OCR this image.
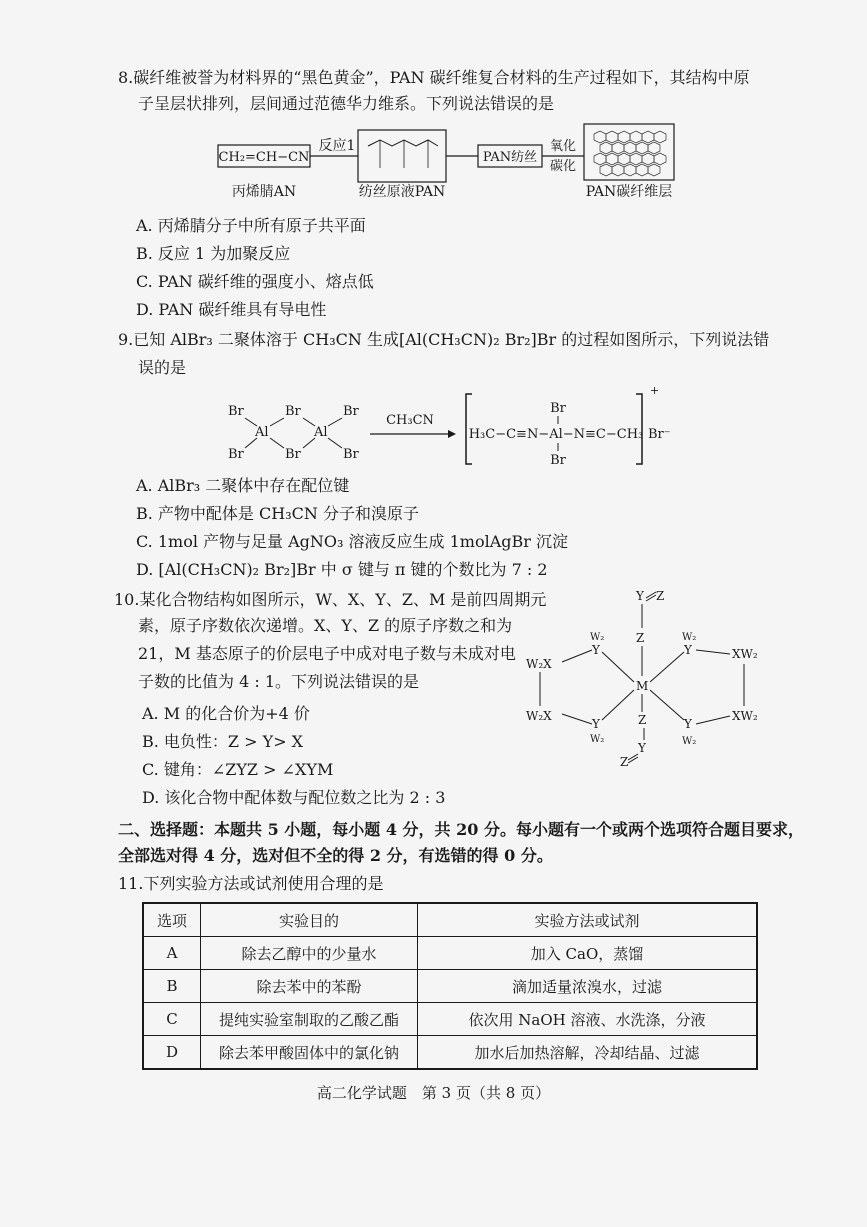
8.碳纤维被誉为材料界的“黑色黄金”，PAN 碳纤维复合材料的生产过程如下，其结构中原
子呈层状排列，层间通过范德华力维系。下列说法错误的是
CH₂=CH−CN
丙烯腈AN
反应1
纺丝原液PAN
PAN纺丝
氧化
碳化
PAN碳纤维层
A. 丙烯腈分子中所有原子共平面
B. 反应 1 为加聚反应
C. PAN 碳纤维的强度小、熔点低
D. PAN 碳纤维具有导电性
9.已知 AlBr₃ 二聚体溶于 CH₃CN 生成[Al(CH₃CN)₂ Br₂]Br 的过程如图所示，下列说法错
误的是
Br
Br
Al
Br
Br
Al
Br
Br
CH₃CN
+
Br
H₃C−C≡N−Al−N≡C−CH₃
Br
Br⁻
A. AlBr₃ 二聚体中存在配位键
B. 产物中配体是 CH₃CN 分子和溴原子
C. 1mol 产物与足量 AgNO₃ 溶液反应生成 1molAgBr 沉淀
D. [Al(CH₃CN)₂ Br₂]Br 中 σ 键与 π 键的个数比为 7 : 2
10.某化合物结构如图所示，W、X、Y、Z、M 是前四周期元
素，原子序数依次递增。X、Y、Z 的原子序数之和为
21，M 基态原子的价层电子中成对电子数与未成对电
子数的比值为 4 : 1。下列说法错误的是
A. M 的化合价为+4 价
B. 电负性：Z > Y> X
C. 键角：∠ZYZ > ∠XYM
D. 该化合物中配体数与配位数之比为 2 : 3
Y Z
Z
M
Z
Y
Z
W₂
Y
W₂X
W₂X
Y
W₂
W₂
Y	XW₂
XW₂
Y
W₂
二、选择题：本题共 5 小题，每小题 4 分，共 20 分。每小题有一个或两个选项符合题目要求，
全部选对得 4 分，选对但不全的得 2 分，有选错的得 0 分。
11.下列实验方法或试剂使用合理的是
选项	实验目的	实验方法或试剂
A	除去乙醇中的少量水	加入 CaO，蒸馏
B	除去苯中的苯酚	滴加适量浓溴水，过滤
C	提纯实验室制取的乙酸乙酯	依次用 NaOH 溶液、水洗涤，分液
D	除去苯甲酸固体中的氯化钠	加水后加热溶解，冷却结晶、过滤
高二化学试题　第 3 页（共 8 页）
